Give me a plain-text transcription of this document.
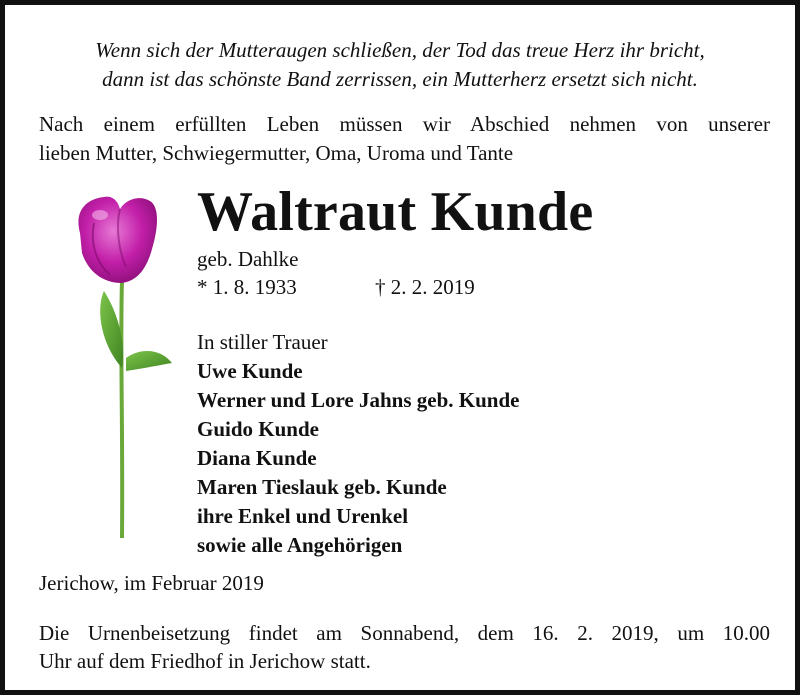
Wenn sich der Mutteraugen schließen, der Tod das treue Herz ihr bricht,
dann ist das schönste Band zerrissen, ein Mutterherz ersetzt sich nicht.
Nach einem erfüllten Leben müssen wir Abschied nehmen von unserer
lieben Mutter, Schwiegermutter, Oma, Uroma und Tante
Waltraut Kunde
geb. Dahlke
* 1. 8. 1933	† 2. 2. 2019
In stiller Trauer
Uwe Kunde
Werner und Lore Jahns geb. Kunde
Guido Kunde
Diana Kunde
Maren Tieslauk geb. Kunde
ihre Enkel und Urenkel
sowie alle Angehörigen
Jerichow, im Februar 2019
Die Urnenbeisetzung findet am Sonnabend, dem 16. 2. 2019, um 10.00
Uhr auf dem Friedhof in Jerichow statt.
